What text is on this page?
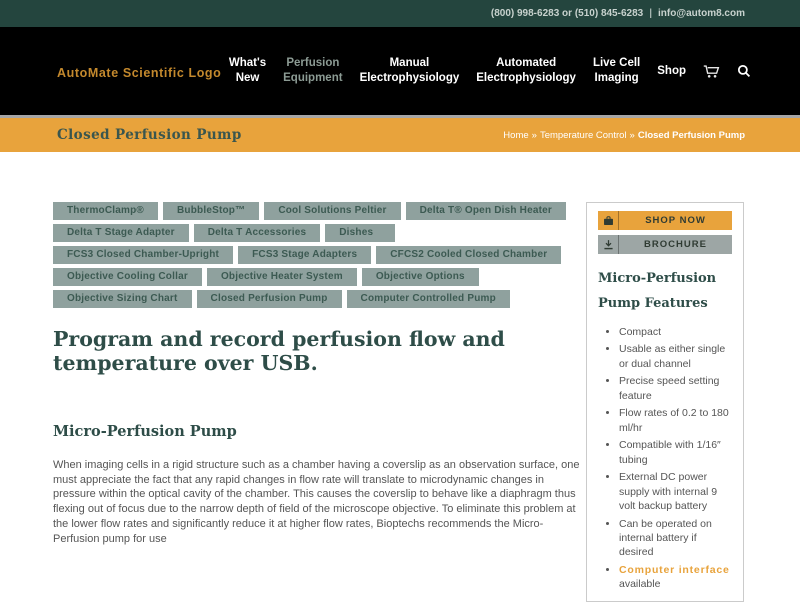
(800) 998-6283 or (510) 845-6283 | info@autom8.com
AutoMate Scientific Logo
What's
New
Perfusion
Equipment
Manual
Electrophysiology
Automated
Electrophysiology
Live Cell
Imaging
Shop
Closed Perfusion Pump	Home » Temperature Control » Closed Perfusion Pump
ThermoClamp®	BubbleStop™	Cool Solutions Peltier	Delta T® Open Dish Heater
Delta T Stage Adapter	Delta T Accessories	Dishes
FCS3 Closed Chamber-Upright	FCS3 Stage Adapters	CFCS2 Cooled Closed Chamber
Objective Cooling Collar	Objective Heater System	Objective Options
Objective Sizing Chart	Closed Perfusion Pump	Computer Controlled Pump
Program and record perfusion flow and temperature over USB.
Micro-Perfusion Pump

When imaging cells in a rigid structure such as a chamber having a coverslip as an observation surface, one must appreciate the fact that any rapid changes in flow rate will translate to microdynamic changes in pressure within the optical cavity of the chamber. This causes the coverslip to behave like a diaphragm thus flexing out of focus due to the narrow depth of field of the microscope objective. To eliminate this problem at the lower flow rates and significantly reduce it at higher flow rates, Bioptechs recommends the Micro-Perfusion pump for use

SHOP NOW
BROCHURE
Micro-Perfusion Pump Features
• Compact
• Usable as either single or dual channel
• Precise speed setting feature
• Flow rates of 0.2 to 180 ml/hr
• Compatible with 1/16″ tubing
• External DC power supply with internal 9 volt backup battery
• Can be operated on internal battery if desired
• Computer interface available
